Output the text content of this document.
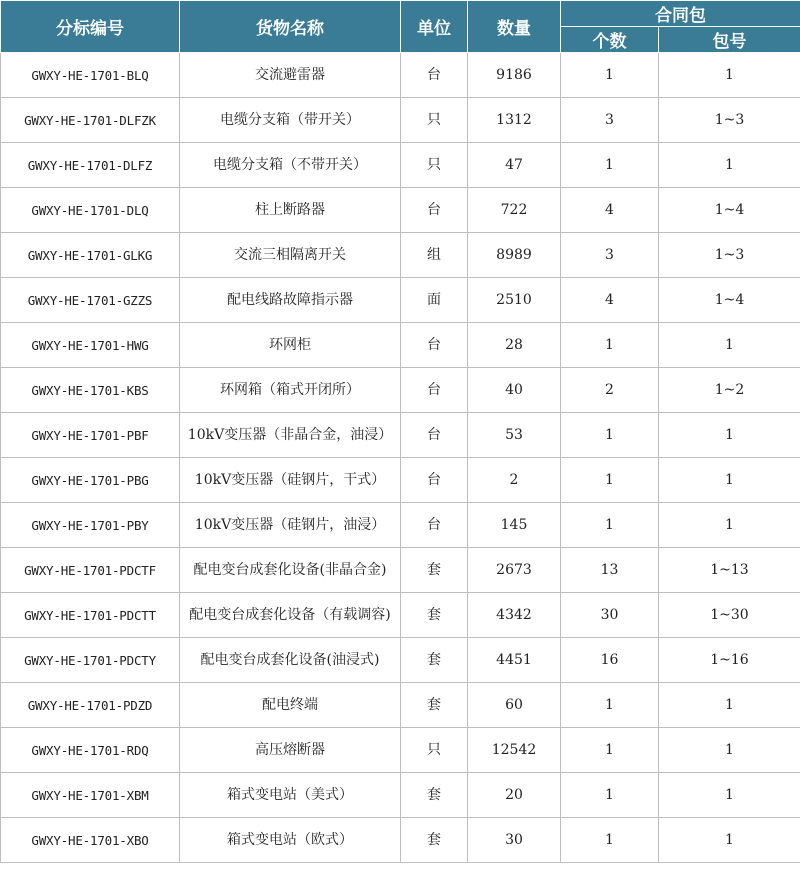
分标编号	货物名称	单位	数量	合同包	
				个数	包号
GWXY-HE-1701-BLQ	交流避雷器	台	9186	1	1
GWXY-HE-1701-DLFZK	电缆分支箱（带开关）	只	1312	3	1~3
GWXY-HE-1701-DLFZ	电缆分支箱（不带开关）	只	47	1	1
GWXY-HE-1701-DLQ	柱上断路器	台	722	4	1~4
GWXY-HE-1701-GLKG	交流三相隔离开关	组	8989	3	1~3
GWXY-HE-1701-GZZS	配电线路故障指示器	面	2510	4	1~4
GWXY-HE-1701-HWG	环网柜	台	28	1	1
GWXY-HE-1701-KBS	环网箱（箱式开闭所）	台	40	2	1~2
GWXY-HE-1701-PBF	10kV变压器（非晶合金，油浸）	台	53	1	1
GWXY-HE-1701-PBG	10kV变压器（硅钢片，干式）	台	2	1	1
GWXY-HE-1701-PBY	10kV变压器（硅钢片，油浸）	台	145	1	1
GWXY-HE-1701-PDCTF	配电变台成套化设备(非晶合金)	套	2673	13	1~13
GWXY-HE-1701-PDCTT	配电变台成套化设备（有载调容)	套	4342	30	1~30
GWXY-HE-1701-PDCTY	配电变台成套化设备(油浸式)	套	4451	16	1~16
GWXY-HE-1701-PDZD	配电终端	套	60	1	1
GWXY-HE-1701-RDQ	高压熔断器	只	12542	1	1
GWXY-HE-1701-XBM	箱式变电站（美式）	套	20	1	1
GWXY-HE-1701-XBO	箱式变电站（欧式）	套	30	1	1
